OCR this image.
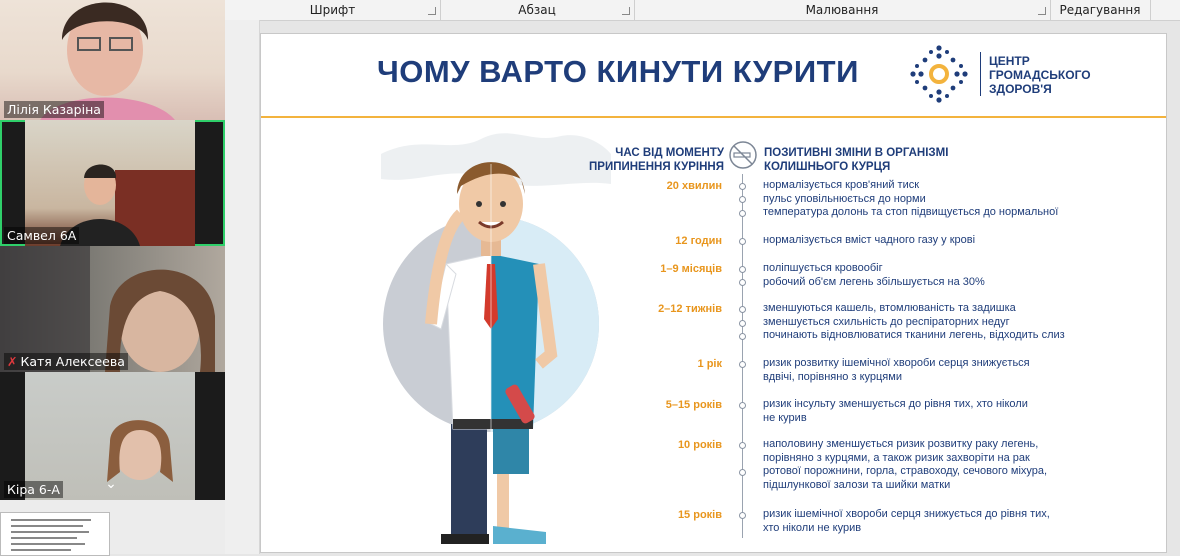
Шрифт	Абзац	Малювання	Редагування
ЧОМУ ВАРТО КИНУТИ КУРИТИ	ЦЕНТР
ГРОМАДСЬКОГО
ЗДОРОВ'Я
ЧАС ВІД МОМЕНТУ
ПРИПИНЕННЯ КУРІННЯ
ПОЗИТИВНІ ЗМІНИ В ОРГАНІЗМІ
КОЛИШНЬОГО КУРЦЯ
20 хвилин	нормалізується кров'яний тиск
пульс уповільнюється до норми
температура долонь та стоп підвищується до нормальної
12 годин	нормалізується вміст чадного газу у крові
1–9 місяців	поліпшується кровообіг
робочий об'єм легень збільшується на 30%
2–12 тижнів	зменшуються кашель, втомлюваність та задишка
зменшується схильність до респіраторних недуг
починають відновлюватися тканини легень, відходить слиз
1 рік	ризик розвитку ішемічної хвороби серця знижується
вдвічі, порівняно з курцями
5–15 років	ризик інсульту зменшується до рівня тих, хто ніколи
не курив
10 років	наполовину зменшується ризик розвитку раку легень,
порівняно з курцями, а також ризик захворіти на рак
ротової порожнини, горла, стравоходу, сечового міхура,
підшлункової залози та шийки матки
15 років	ризик ішемічної хвороби серця знижується до рівня тих,
хто ніколи не курив
Лілія Казаріна
Самвел 6А
✗ Катя Алексеева
Кіра 6-А	⌄
